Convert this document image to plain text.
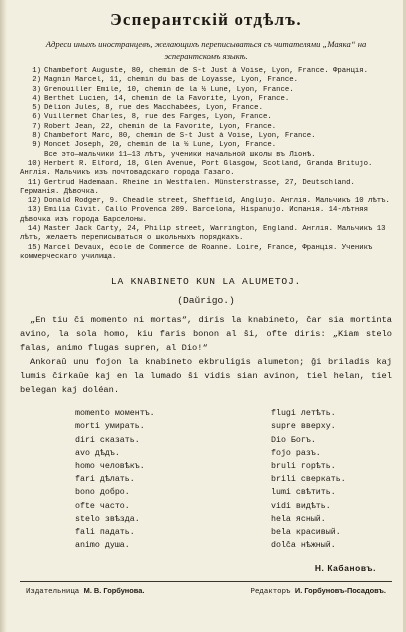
Эсперантскій отдѣлъ.
Адреси иныхъ иностранцевъ, желающихъ переписываться съ читателями „Маяка“ на эсперантскомъ языкѣ.
1) Chambefort Auguste, 80, chemin de S-t Just à Voise, Lyon, France. Франція.
2) Magnin Marcel, 11, chemin du bas de Loyasse, Lyon, France.
3) Grenouiller Emile, 10, chemin de la ½ Lune, Lyon, France.
4) Berthet Lucien, 14, chemin de la Favorite, Lyon, France.
5) Délion Jules, 8, rue des Macchabées, Lyon, France.
6) Vuillermet Charles, 8, rue des Farges, Lyon, France.
7) Robert Jean, 22, chemin de la Favorite, Lyon, France.
8) Chambefort Marc, 80, chemin de S-t Just à Voise, Lyon, France.
9) Moncet Joseph, 20, chemin de la ½ Lune, Lyon, France.
Все это—мальчики 11—13 лѣтъ, ученики начальной школы въ Ліонѣ.
10) Herbert R. Elford, 18, Glen Avenue, Port Glasgow, Scotland, Granda Britujo. Англія. Мальчикъ изъ почтовадскаго города Газаго.
11) Gertrud Hademaan. Rheine in Westfalen. Münsterstrasse, 27, Deutschland. Германія. Дѣвочка.
12) Donald Rodger, 9. Cheadle street, Sheffield, Anglujo. Англія. Мальчикъ 10 лѣтъ.
13) Emilia Civit. Callo Provenca 209. Barcelona, Hispanujo. Испанія. 14-лѣтняя дѣвочка изъ города Барселоны.
14) Master Jack Carty, 24, Philip street, Warrington, England. Англія. Мальчикъ 13 лѣтъ, желаетъ переписываться о школьныхъ порядкахъ.
15) Marcel Devaux, école de Commerce de Roanne. Loire, France, Франція. Ученикъ коммерческаго училища.
LA KNABINETO KUN LA ALUMETOJ.
(Daŭrigo.)

„En tiu ĉi momento ni mortas“, diris la knabineto, ĉar sia mortinta avino, la sola homo, kiu faris bonon al ŝi, ofte diris: „Kiam stelo falas, animo flugas supren, al Dio!“

Ankoraŭ unu fojon la knabineto ekbruligis alumeton; ĝi briladis kaj lumis ĉirkaŭe kaj en la lumado ŝi vidis sian avinon, tiel helan, tiel belegan kaj doléan.

momento моментъ.
morti умирать.
diri сказать.
avo дѣдъ.
homo человѣкъ.
fari дѣлать.
bono добро.
ofte часто.
stelo звѣзда.
fali падать.
animo душа.
flugi летѣть.
supre вверху.
Dio Богъ.
fojo разъ.
bruli горѣть.
brili сверкать.
lumi свѣтить.
vidi видѣть.
hela ясный.
bela красивый.
dolĉa нѣжный.
Н. Кабановъ.
Издательница М. В. Горбунова.	Редакторъ И. Горбуновъ-Посадовъ.
